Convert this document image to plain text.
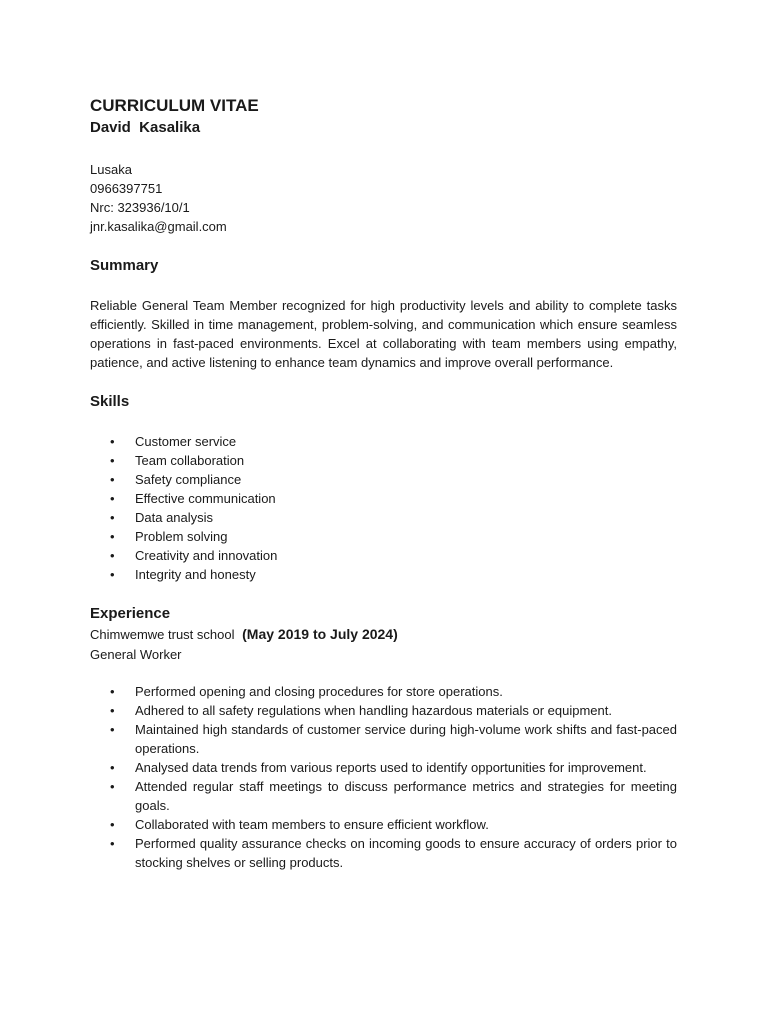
CURRICULUM VITAE
David  Kasalika
Lusaka
0966397751
Nrc: 323936/10/1
jnr.kasalika@gmail.com
Summary
Reliable General Team Member recognized for high productivity levels and ability to complete tasks efficiently. Skilled in time management, problem-solving, and communication which ensure seamless operations in fast-paced environments. Excel at collaborating with team members using empathy, patience, and active listening to enhance team dynamics and improve overall performance.
Skills
• Customer service
• Team collaboration
• Safety compliance
• Effective communication
• Data analysis
• Problem solving
• Creativity and innovation
• Integrity and honesty
Experience
Chimwemwe trust school (May 2019 to July 2024)
General Worker
• Performed opening and closing procedures for store operations.
• Adhered to all safety regulations when handling hazardous materials or equipment.
• Maintained high standards of customer service during high-volume work shifts and fast-paced operations.
• Analysed data trends from various reports used to identify opportunities for improvement.
• Attended regular staff meetings to discuss performance metrics and strategies for meeting goals.
• Collaborated with team members to ensure efficient workflow.
• Performed quality assurance checks on incoming goods to ensure accuracy of orders prior to stocking shelves or selling products.
